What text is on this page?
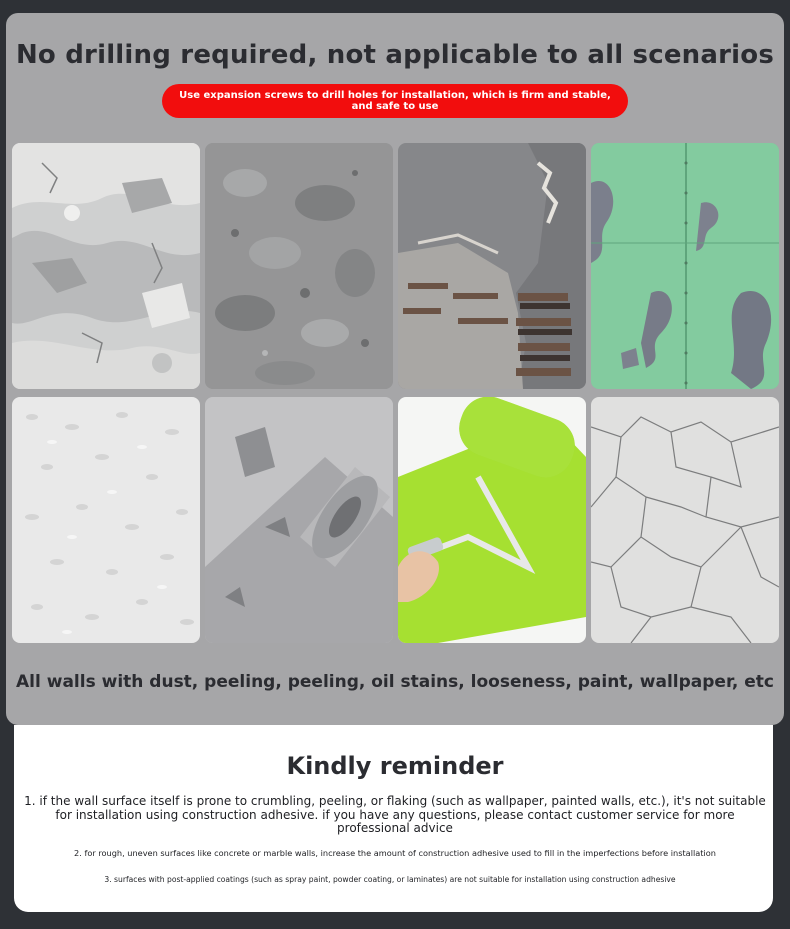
No drilling required, not applicable to all scenarios
Use expansion screws to drill holes for installation, which is firm and stable, and safe to use

All walls with dust, peeling, peeling, oil stains, looseness, paint, wallpaper, etc

Kindly reminder

1. if the wall surface itself is prone to crumbling, peeling, or flaking (such as wallpaper, painted walls, etc.), it's not suitable for installation using construction adhesive. if you have any questions, please contact customer service for more professional advice

2. for rough, uneven surfaces like concrete or marble walls, increase the amount of construction adhesive used to fill in the imperfections before installation

3. surfaces with post-applied coatings (such as spray paint, powder coating, or laminates) are not suitable for installation using construction adhesive
